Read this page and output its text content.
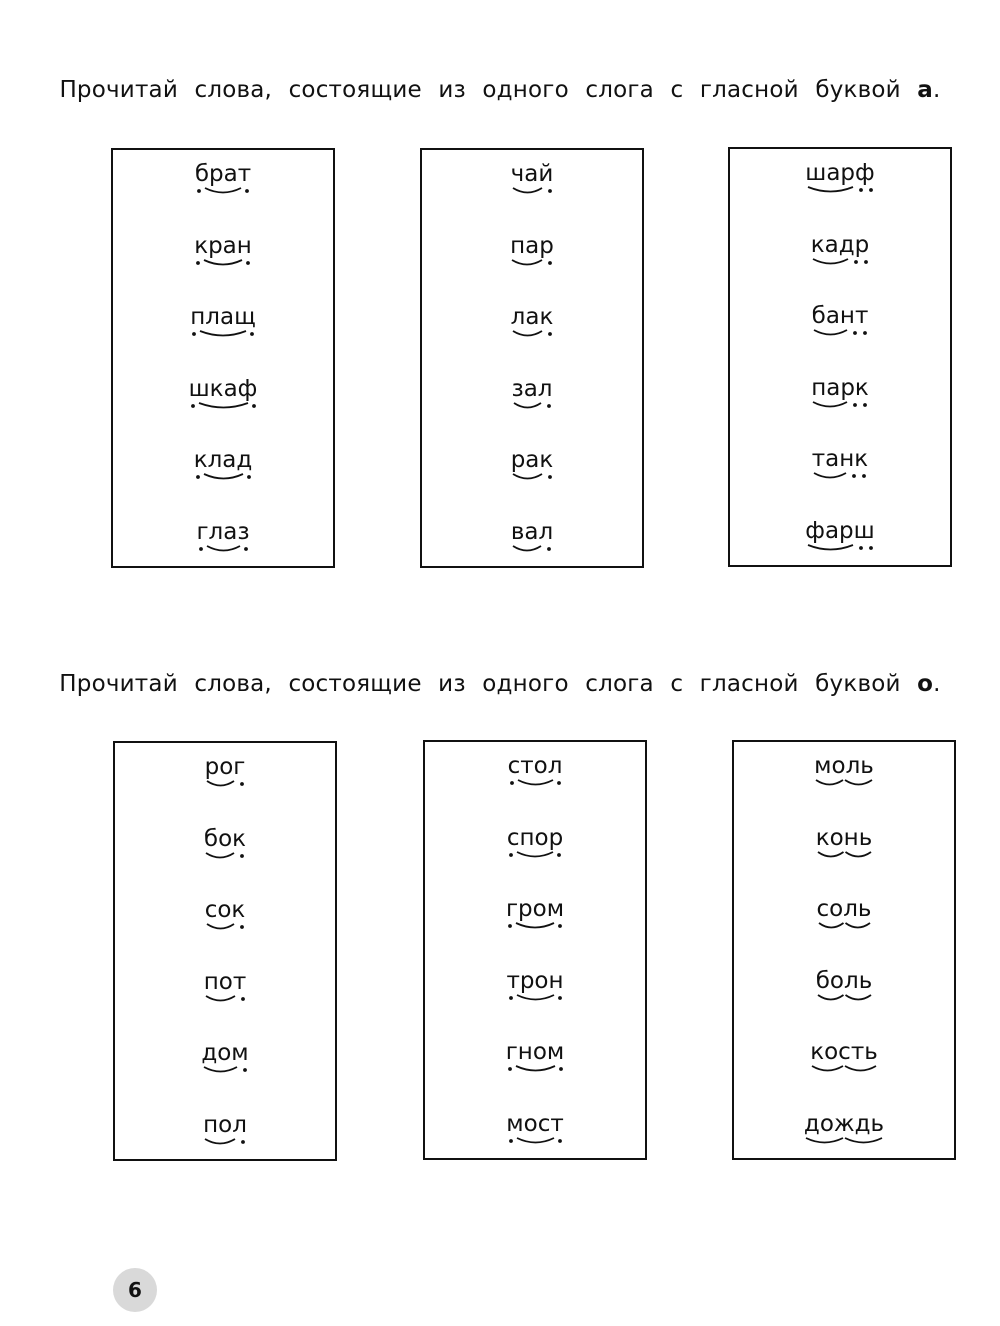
Прочитай слова, состоящие из одного слога с гласной буквой а.
брат
кран
плащ
шкаф
клад
глаз
чай
пар
лак
зал
рак
вал
шарф
кадр
бант
парк
танк
фарш
Прочитай слова, состоящие из одного слога с гласной буквой о.
рог
бок
сок
пот
дом
пол
стол
спор
гром
трон
гном
мост
моль
конь
соль
боль
кость
дождь
6
